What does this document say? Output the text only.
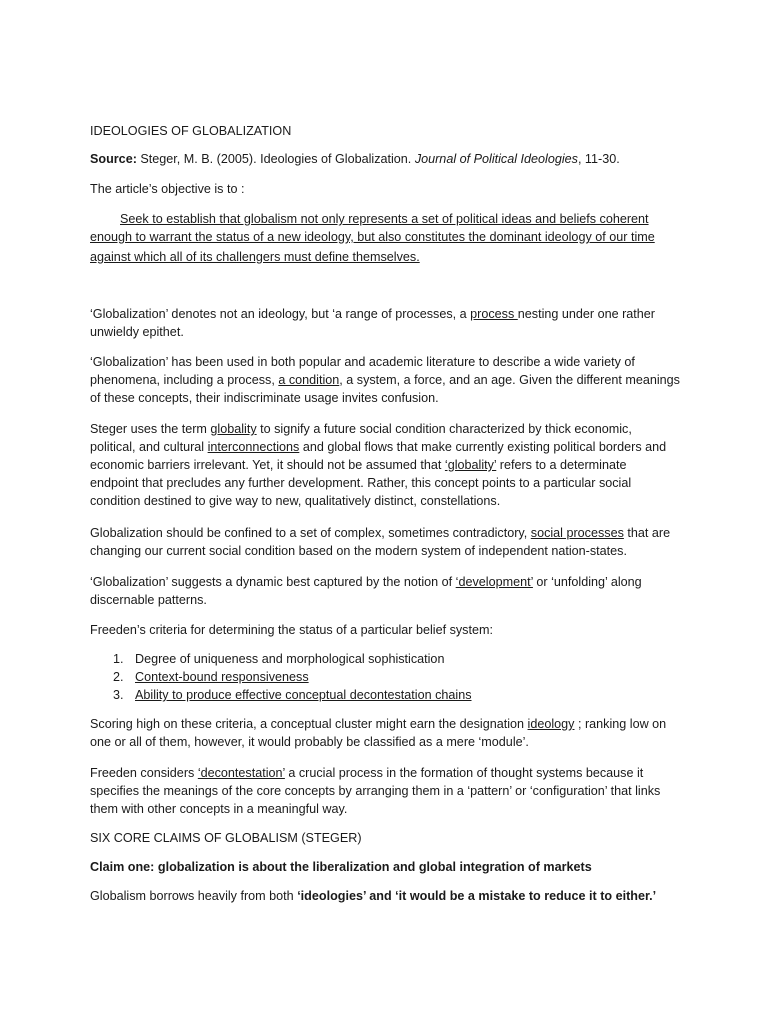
IDEOLOGIES OF GLOBALIZATION

Source: Steger, M. B. (2005). Ideologies of Globalization. Journal of Political Ideologies, 11-30.

The article’s objective is to :

Seek to establish that globalism not only represents a set of political ideas and beliefs coherent
enough to warrant the status of a new ideology, but also constitutes the dominant ideology of our time
against which all of its challengers must define themselves.

‘Globalization’ denotes not an ideology, but ‘a range of processes, a process nesting under one rather
unwieldy epithet.

‘Globalization’ has been used in both popular and academic literature to describe a wide variety of
phenomena, including a process, a condition, a system, a force, and an age. Given the different meanings
of these concepts, their indiscriminate usage invites confusion.

Steger uses the term globality to signify a future social condition characterized by thick economic,
political, and cultural interconnections and global flows that make currently existing political borders and
economic barriers irrelevant. Yet, it should not be assumed that ‘globality’ refers to a determinate
endpoint that precludes any further development. Rather, this concept points to a particular social
condition destined to give way to new, qualitatively distinct, constellations.

Globalization should be confined to a set of complex, sometimes contradictory, social processes that are
changing our current social condition based on the modern system of independent nation-states.

‘Globalization’ suggests a dynamic best captured by the notion of ‘development’ or ‘unfolding’ along
discernable patterns.

Freeden’s criteria for determining the status of a particular belief system:

1. Degree of uniqueness and morphological sophistication
2. Context-bound responsiveness
3. Ability to produce effective conceptual decontestation chains

Scoring high on these criteria, a conceptual cluster might earn the designation ideology ; ranking low on
one or all of them, however, it would probably be classified as a mere ‘module’.

Freeden considers ‘decontestation’ a crucial process in the formation of thought systems because it
specifies the meanings of the core concepts by arranging them in a ‘pattern’ or ‘configuration’ that links
them with other concepts in a meaningful way.

SIX CORE CLAIMS OF GLOBALISM (STEGER)

Claim one: globalization is about the liberalization and global integration of markets

Globalism borrows heavily from both ‘ideologies’ and ‘it would be a mistake to reduce it to either.’
